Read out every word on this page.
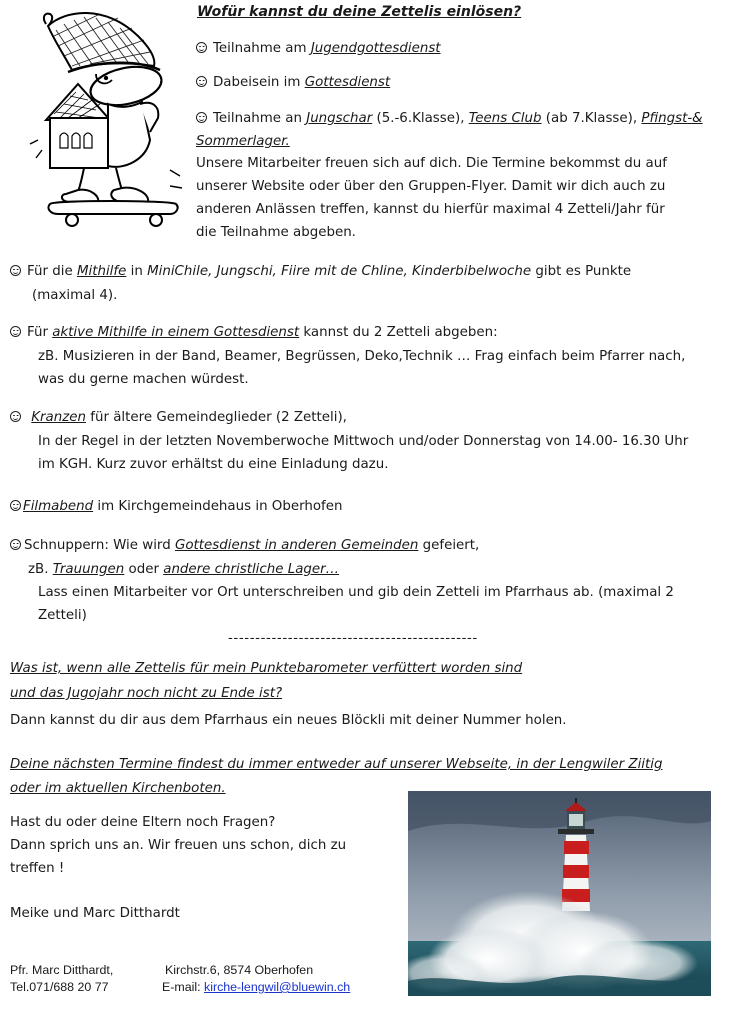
Wofür kannst du deine Zettelis einlösen?
Teilnahme am Jugendgottesdienst
Dabeisein im Gottesdienst
Teilnahme an Jungschar (5.-6.Klasse), Teens Club (ab 7.Klasse), Pfingst-&
Sommerlager.
Unsere Mitarbeiter freuen sich auf dich. Die Termine bekommst du auf
unserer Website oder über den Gruppen-Flyer. Damit wir dich auch zu
anderen Anlässen treffen, kannst du hierfür maximal 4 Zetteli/Jahr für
die Teilnahme abgeben.
Für die Mithilfe in MiniChile, Jungschi, Fiire mit de Chline, Kinderbibelwoche gibt es Punkte
(maximal 4).
Für aktive Mithilfe in einem Gottesdienst kannst du 2 Zetteli abgeben:
zB. Musizieren in der Band, Beamer, Begrüssen, Deko,Technik … Frag einfach beim Pfarrer nach,
was du gerne machen würdest.
Kranzen für ältere Gemeindeglieder (2 Zetteli),
In der Regel in der letzten Novemberwoche Mittwoch und/oder Donnerstag von 14.00- 16.30 Uhr
im KGH. Kurz zuvor erhältst du eine Einladung dazu.
Filmabend im Kirchgemeindehaus in Oberhofen
Schnuppern: Wie wird Gottesdienst in anderen Gemeinden gefeiert,
zB. Trauungen oder andere christliche Lager…
Lass einen Mitarbeiter vor Ort unterschreiben und gib dein Zetteli im Pfarrhaus ab. (maximal 2
Zetteli)
----------------------------------------------
Was ist, wenn alle Zettelis für mein Punktebarometer verfüttert worden sind
und das Jugojahr noch nicht zu Ende ist?
Dann kannst du dir aus dem Pfarrhaus ein neues Blöckli mit deiner Nummer holen.
Deine nächsten Termine findest du immer entweder auf unserer Webseite, in der Lengwiler Ziitig
oder im aktuellen Kirchenboten.
Hast du oder deine Eltern noch Fragen?
Dann sprich uns an. Wir freuen uns schon, dich zu
treffen !
Meike und Marc Ditthardt
Pfr. Marc Ditthardt,	Kirchstr.6, 8574 Oberhofen
Tel.071/688 20 77	E-mail: kirche-lengwil@bluewin.ch
